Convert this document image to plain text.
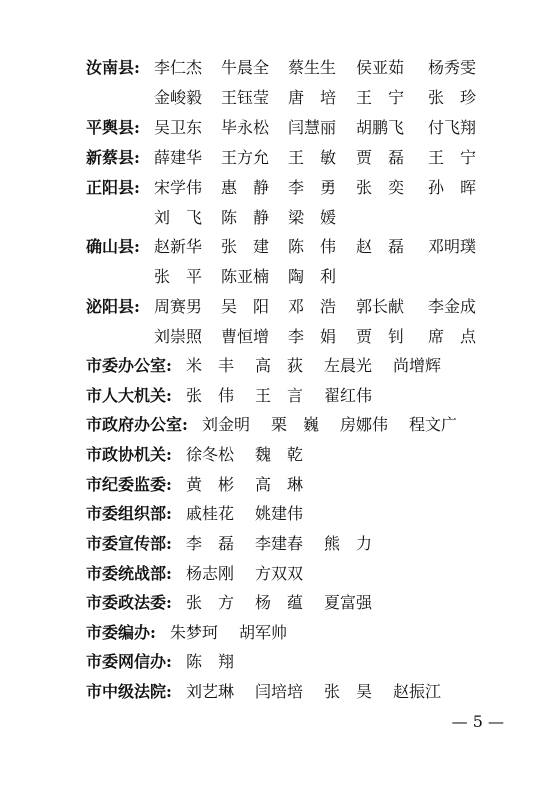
汝南县: 李仁杰 牛晨全 蔡生生 侯亚茹 杨秀雯
金峻毅 王钰莹 唐　培 王　宁 张　珍
平舆县: 吴卫东 毕永松 闫慧丽 胡鹏飞 付飞翔
新蔡县: 薛建华 王方允 王　敏 贾　磊 王　宁
正阳县: 宋学伟 惠　静 李　勇 张　奕 孙　晖
刘　飞 陈　静 梁　媛
确山县: 赵新华 张　建 陈　伟 赵　磊 邓明璞
张　平 陈亚楠 陶　利
泌阳县: 周赛男 吴　阳 邓　浩 郭长献 李金成
刘崇照 曹恒增 李　娟 贾　钊 席　点
市委办公室: 米　丰 高　荻 左晨光 尚增辉
市人大机关: 张　伟 王　言 翟红伟
市政府办公室: 刘金明 栗　巍 房娜伟 程文广
市政协机关: 徐冬松 魏　乾
市纪委监委: 黄　彬 高　琳
市委组织部: 戚桂花 姚建伟
市委宣传部: 李　磊 李建春 熊　力
市委统战部: 杨志刚 方双双
市委政法委: 张　方 杨　蕴 夏富强
市委编办: 朱梦珂 胡军帅
市委网信办: 陈　翔
市中级法院: 刘艺琳 闫培培 张　昊 赵振江
— 5 —
